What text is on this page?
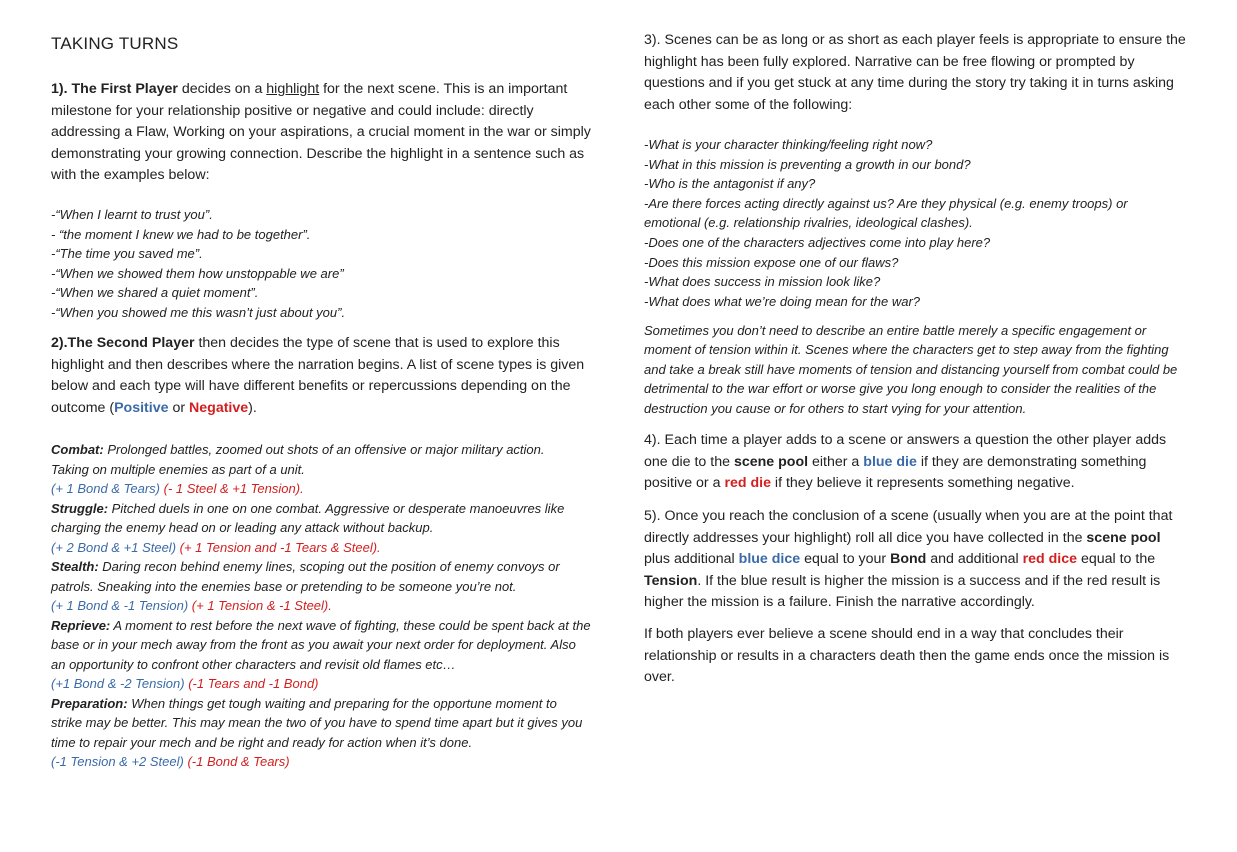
TAKING TURNS

1). The First Player decides on a highlight for the next scene. This is an important milestone for your relationship positive or negative and could include: directly addressing a Flaw, Working on your aspirations, a crucial moment in the war or simply demonstrating your growing connection. Describe the highlight in a sentence such as with the examples below:

-“When I learnt to trust you”.
- “the moment I knew we had to be together”.
-“The time you saved me”.
-“When we showed them how unstoppable we are”
-“When we shared a quiet moment”.
-“When you showed me this wasn’t just about you”.

2).The Second Player then decides the type of scene that is used to explore this highlight and then describes where the narration begins. A list of scene types is given below and each type will have different benefits or repercussions depending on the outcome (Positive or Negative).

Combat: Prolonged battles, zoomed out shots of an offensive or major military action. Taking on multiple enemies as part of a unit.

(+ 1 Bond & Tears) (- 1 Steel & +1 Tension).

Struggle: Pitched duels in one on one combat. Aggressive or desperate manoeuvres like charging the enemy head on or leading any attack without backup.

(+ 2 Bond & +1 Steel) (+ 1 Tension and -1 Tears & Steel).

Stealth: Daring recon behind enemy lines, scoping out the position of enemy convoys or patrols. Sneaking into the enemies base or pretending to be someone you’re not.

(+ 1 Bond & -1 Tension) (+ 1 Tension & -1 Steel).

Reprieve: A moment to rest before the next wave of fighting, these could be spent back at the base or in your mech away from the front as you await your next order for deployment. Also an opportunity to confront other characters and revisit old flames etc…

(+1 Bond & -2 Tension) (-1 Tears and -1 Bond)

Preparation: When things get tough waiting and preparing for the opportune moment to strike may be better. This may mean the two of you have to spend time apart but it gives you time to repair your mech and be right and ready for action when it’s done.

(-1 Tension & +2 Steel) (-1 Bond & Tears)

3). Scenes can be as long or as short as each player feels is appropriate to ensure the highlight has been fully explored. Narrative can be free flowing or prompted by questions and if you get stuck at any time during the story try taking it in turns asking each other some of the following:

-What is your character thinking/feeling right now?
-What in this mission is preventing a growth in our bond?
-Who is the antagonist if any?
-Are there forces acting directly against us? Are they physical (e.g. enemy troops) or emotional (e.g. relationship rivalries, ideological clashes).
-Does one of the characters adjectives come into play here?
-Does this mission expose one of our flaws?
-What does success in mission look like?
-What does what we’re doing mean for the war?

Sometimes you don’t need to describe an entire battle merely a specific engagement or moment of tension within it. Scenes where the characters get to step away from the fighting and take a break still have moments of tension and distancing yourself from combat could be detrimental to the war effort or worse give you long enough to consider the realities of the destruction you cause or for others to start vying for your attention.

4). Each time a player adds to a scene or answers a question the other player adds one die to the scene pool either a blue die if they are demonstrating something positive or a red die if they believe it represents something negative.

5). Once you reach the conclusion of a scene (usually when you are at the point that directly addresses your highlight) roll all dice you have collected in the scene pool plus additional blue dice equal to your Bond and additional red dice equal to the Tension. If the blue result is higher the mission is a success and if the red result is higher the mission is a failure. Finish the narrative accordingly.

If both players ever believe a scene should end in a way that concludes their relationship or results in a characters death then the game ends once the mission is over.
